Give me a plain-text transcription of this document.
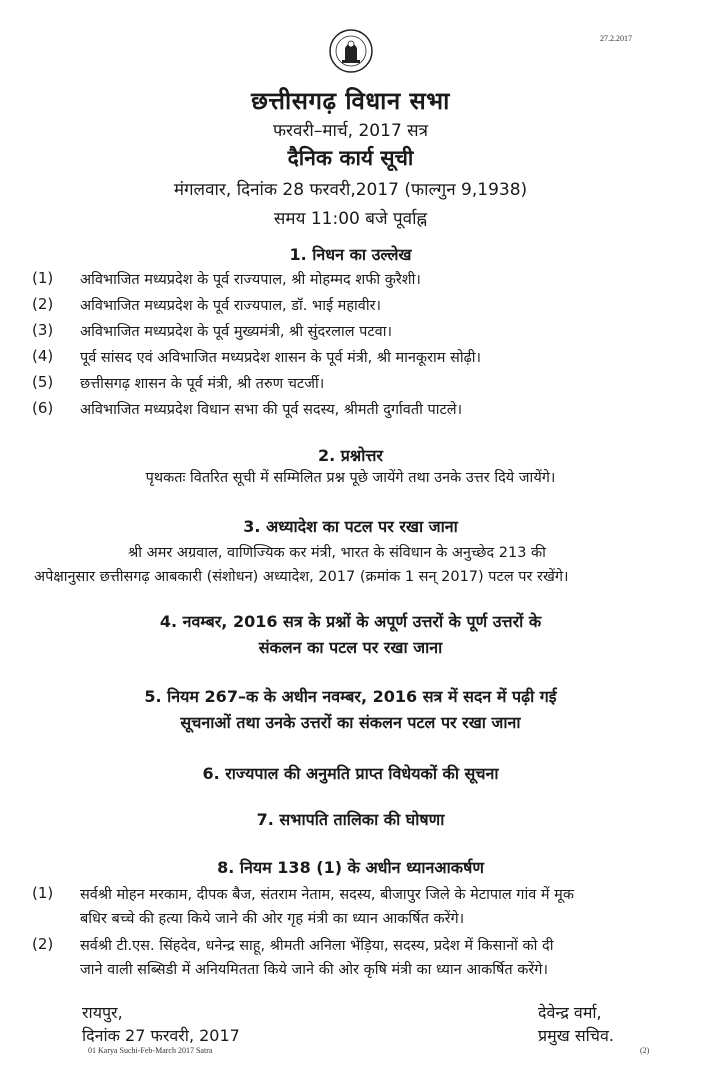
27.2.2017
छत्तीसगढ़ विधान सभा
फरवरी–मार्च, 2017 सत्र
दैनिक कार्य सूची
मंगलवार, दिनांक 28 फरवरी,2017 (फाल्गुन 9,1938)
समय 11:00 बजे पूर्वाह्न
1. निधन का उल्लेख
(1) अविभाजित मध्यप्रदेश के पूर्व राज्यपाल, श्री मोहम्मद शफी कुरैशी।
(2) अविभाजित मध्यप्रदेश के पूर्व राज्यपाल, डॉ. भाई महावीर।
(3) अविभाजित मध्यप्रदेश के पूर्व मुख्यमंत्री, श्री सुंदरलाल पटवा।
(4) पूर्व सांसद एवं अविभाजित मध्यप्रदेश शासन के पूर्व मंत्री, श्री मानकूराम सोढ़ी।
(5) छत्तीसगढ़ शासन के पूर्व मंत्री, श्री तरुण चटर्जी।
(6) अविभाजित मध्यप्रदेश विधान सभा की पूर्व सदस्य, श्रीमती दुर्गावती पाटले।
2. प्रश्नोत्तर
पृथकतः वितरित सूची में सम्मिलित प्रश्न पूछे जायेंगे तथा उनके उत्तर दिये जायेंगे।
3. अध्यादेश का पटल पर रखा जाना
श्री अमर अग्रवाल, वाणिज्यिक कर मंत्री, भारत के संविधान के अनुच्छेद 213 की
अपेक्षानुसार छत्तीसगढ़ आबकारी (संशोधन) अध्यादेश, 2017 (क्रमांक 1 सन् 2017) पटल पर रखेंगे।
4. नवम्बर, 2016 सत्र के प्रश्नों के अपूर्ण उत्तरों के पूर्ण उत्तरों के
संकलन का पटल पर रखा जाना
5. नियम 267–क के अधीन नवम्बर, 2016 सत्र में सदन में पढ़ी गई
सूचनाओं तथा उनके उत्तरों का संकलन पटल पर रखा जाना
6. राज्यपाल की अनुमति प्राप्त विधेयकों की सूचना
7. सभापति तालिका की घोषणा
8. नियम 138 (1) के अधीन ध्यानआकर्षण
(1) सर्वश्री मोहन मरकाम, दीपक बैज, संतराम नेताम, सदस्य, बीजापुर जिले के मेटापाल गांव में मूक
बधिर बच्चे की हत्या किये जाने की ओर गृह मंत्री का ध्यान आकर्षित करेंगे।
(2) सर्वश्री टी.एस. सिंहदेव, धनेन्द्र साहू, श्रीमती अनिला भेंड़िया, सदस्य, प्रदेश में किसानों को दी
जाने वाली सब्सिडी में अनियमितता किये जाने की ओर कृषि मंत्री का ध्यान आकर्षित करेंगे।
रायपुर,
दिनांक 27 फरवरी, 2017
देवेन्द्र वर्मा,
प्रमुख सचिव.
01 Karya Suchi-Feb-March 2017 Satra	(2)
